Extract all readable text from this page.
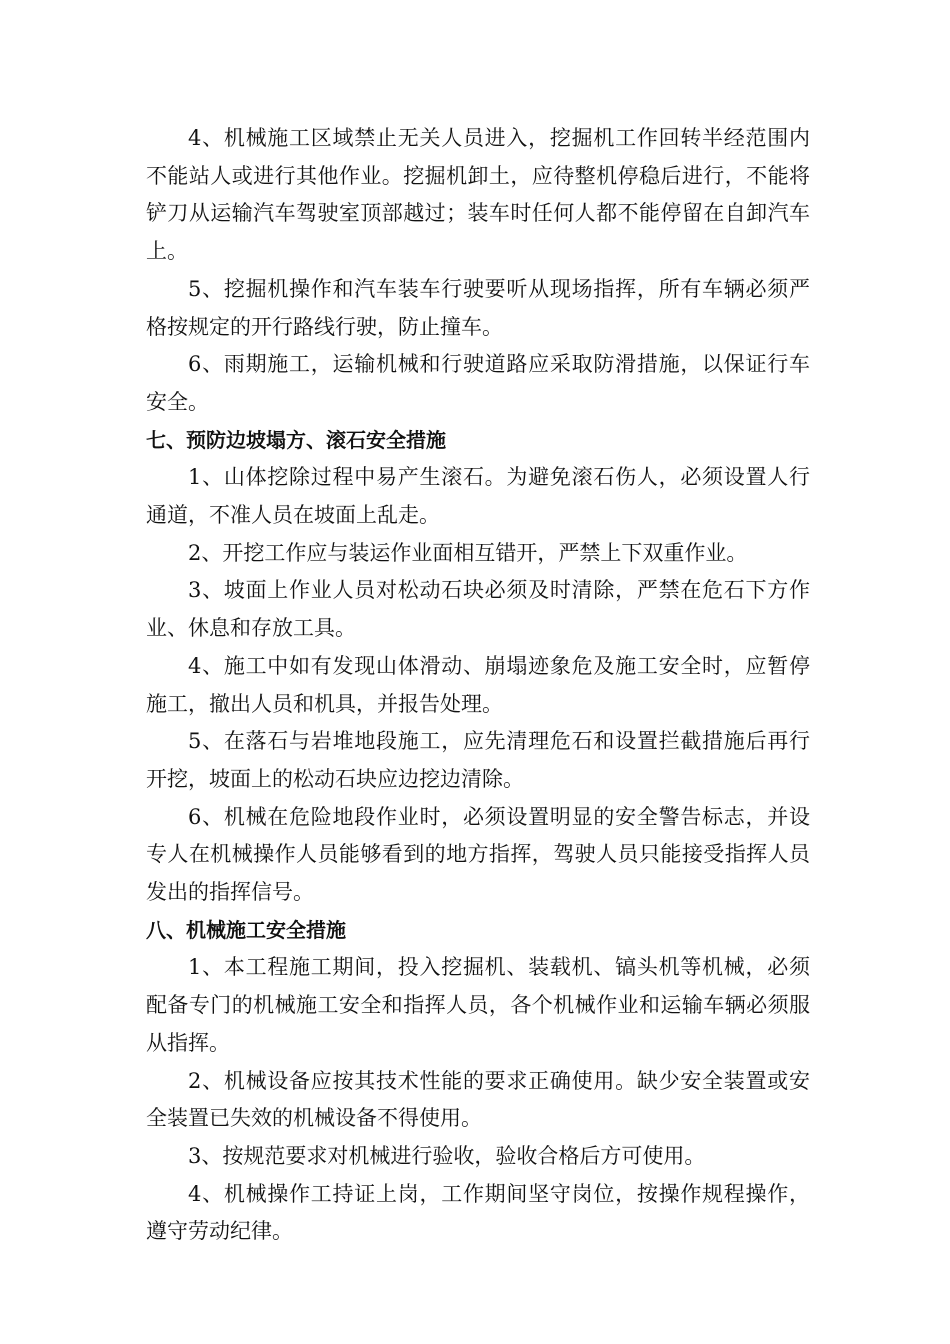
4、机械施工区域禁止无关人员进入，挖掘机工作回转半经范围内不能站人或进行其他作业。挖掘机卸土，应待整机停稳后进行，不能将铲刀从运输汽车驾驶室顶部越过；装车时任何人都不能停留在自卸汽车上。

5、挖掘机操作和汽车装车行驶要听从现场指挥，所有车辆必须严格按规定的开行路线行驶，防止撞车。

6、雨期施工，运输机械和行驶道路应采取防滑措施，以保证行车安全。

七、预防边坡塌方、滚石安全措施

1、山体挖除过程中易产生滚石。为避免滚石伤人，必须设置人行通道，不准人员在坡面上乱走。

2、开挖工作应与装运作业面相互错开，严禁上下双重作业。

3、坡面上作业人员对松动石块必须及时清除，严禁在危石下方作业、休息和存放工具。

4、施工中如有发现山体滑动、崩塌迹象危及施工安全时，应暂停施工，撤出人员和机具，并报告处理。

5、在落石与岩堆地段施工，应先清理危石和设置拦截措施后再行开挖，坡面上的松动石块应边挖边清除。

6、机械在危险地段作业时，必须设置明显的安全警告标志，并设专人在机械操作人员能够看到的地方指挥，驾驶人员只能接受指挥人员发出的指挥信号。

八、机械施工安全措施

1、本工程施工期间，投入挖掘机、装载机、镐头机等机械，必须配备专门的机械施工安全和指挥人员，各个机械作业和运输车辆必须服从指挥。

2、机械设备应按其技术性能的要求正确使用。缺少安全装置或安全装置已失效的机械设备不得使用。

3、按规范要求对机械进行验收，验收合格后方可使用。

4、机械操作工持证上岗，工作期间坚守岗位，按操作规程操作，遵守劳动纪律。
